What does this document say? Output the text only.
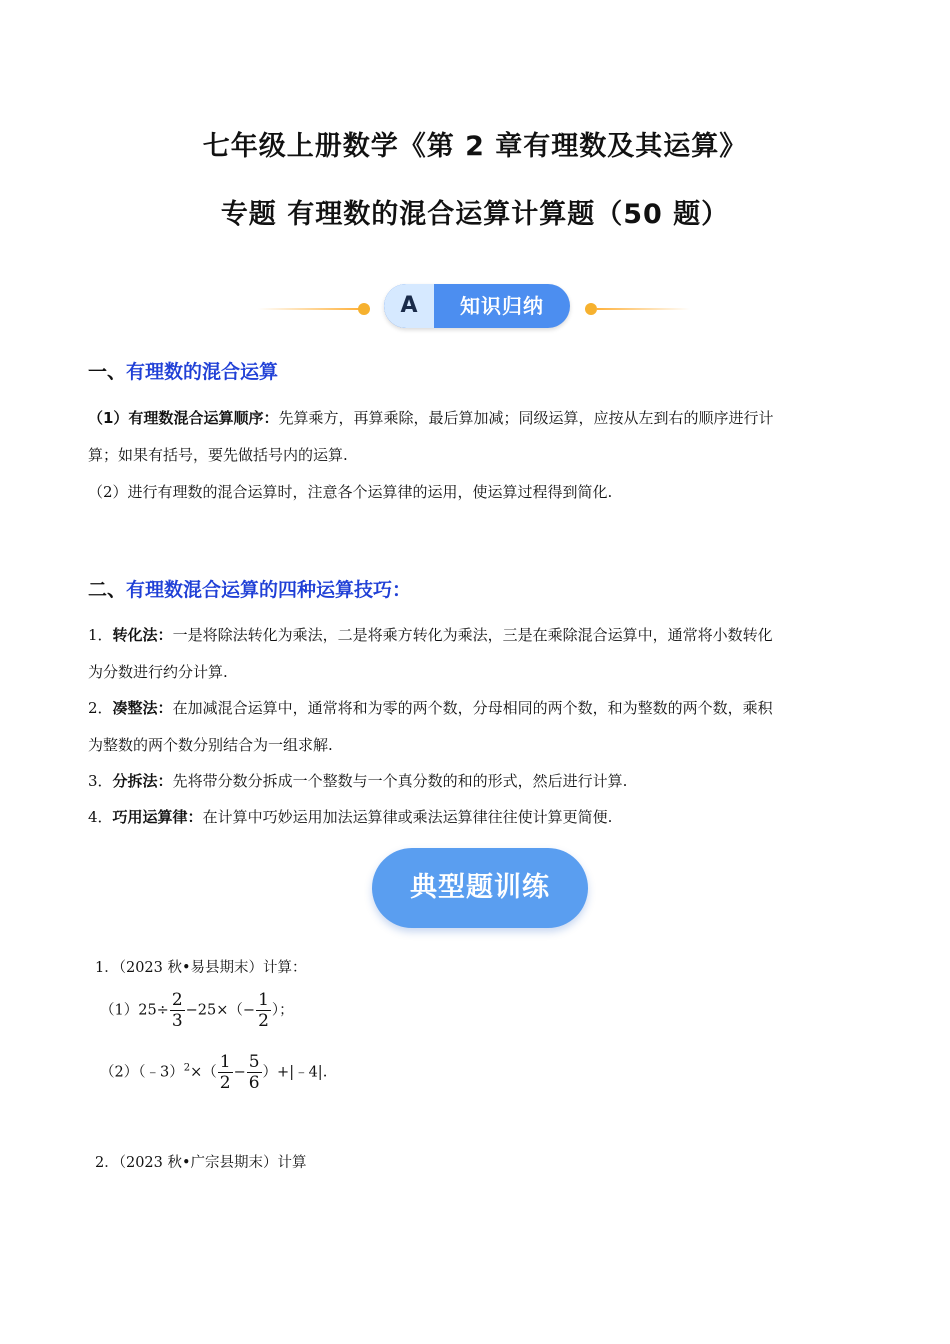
七年级上册数学《第 2 章有理数及其运算》
专题 有理数的混合运算计算题（50 题）
A	知识归纳
一、有理数的混合运算
（1）有理数混合运算顺序：先算乘方，再算乘除，最后算加减；同级运算，应按从左到右的顺序进行计
算；如果有括号，要先做括号内的运算.
（2）进行有理数的混合运算时，注意各个运算律的运用，使运算过程得到简化.
二、有理数混合运算的四种运算技巧：
1．转化法：一是将除法转化为乘法，二是将乘方转化为乘法，三是在乘除混合运算中，通常将小数转化
为分数进行约分计算.
2．凑整法：在加减混合运算中，通常将和为零的两个数，分母相同的两个数，和为整数的两个数，乘积
为整数的两个数分别结合为一组求解.
3．分拆法：先将带分数分拆成一个整数与一个真分数的和的形式，然后进行计算.
4．巧用运算律：在计算中巧妙运用加法运算律或乘法运算律往往使计算更简便.
典型题训练
1．（2023 秋•易县期末）计算：
$(1)25\div \frac{2}{3} -25\times(- \frac{1}{2}$ ）；
（2）（﹣3）$^2$×（ $\frac{1}{2} - \frac{5}{6}$ ）+|﹣4|.
2．（2023 秋•广宗县期末）计算
